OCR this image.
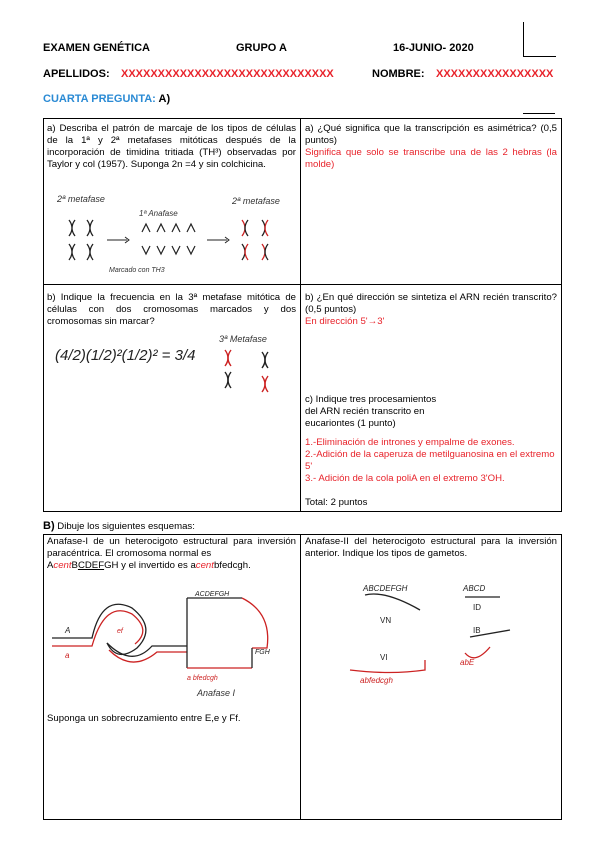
EXAMEN GENÉTICA	GRUPO A	16-JUNIO- 2020
APELLIDOS: XXXXXXXXXXXXXXXXXXXXXXXXXXXXX	NOMBRE: XXXXXXXXXXXXXXXX
CUARTA PREGUNTA: A)
a) Describa el patrón de marcaje de los tipos de células de la 1ª y 2ª metafases mitóticas después de la incorporación de timidina tritiada (TH³) observadas por Taylor y col (1957). Suponga 2n =4 y sin colchicina.
2ª metafase
1ª Anafase
2ª metafase
Marcado con TH3
b) Indique la frecuencia en la 3ª metafase mitótica de células con dos cromosomas marcados y dos cromosomas sin marcar?
(4/2)(1/2)²(1/2)² = 3/4
3ª Metafase
a) ¿Qué significa que la transcripción es asimétrica? (0,5 puntos)
Significa que solo se transcribe una de las 2 hebras (la molde)
b) ¿En qué dirección se sintetiza el ARN recién transcrito? (0,5 puntos)
En dirección 5'→3'
c) Indique tres procesamientos
del ARN recién transcrito en
eucariontes (1 punto)
1.-Eliminación de intrones y empalme de exones.
2.-Adición de la caperuza de metilguanosina en el extremo 5'
3.- Adición de la cola poliA en el extremo 3'OH.
Total: 2 puntos
B) Dibuje los siguientes esquemas:
Anafase-I de un heterocigoto estructural para inversión paracéntrica. El cromosoma normal es
AcentBCDEFGH y el invertido es acentbfedcgh.
A
a
ef
ACDEFGH
a bfedcgh
FGH
Anafase I
Suponga un sobrecruzamiento entre E,e y Ff.
Anafase-II del heterocigoto estructural para la inversión anterior. Indique los tipos de gametos.
ABCDEFGH
VN
ABCD
ID
IB
VI
abfedcgh
abE
